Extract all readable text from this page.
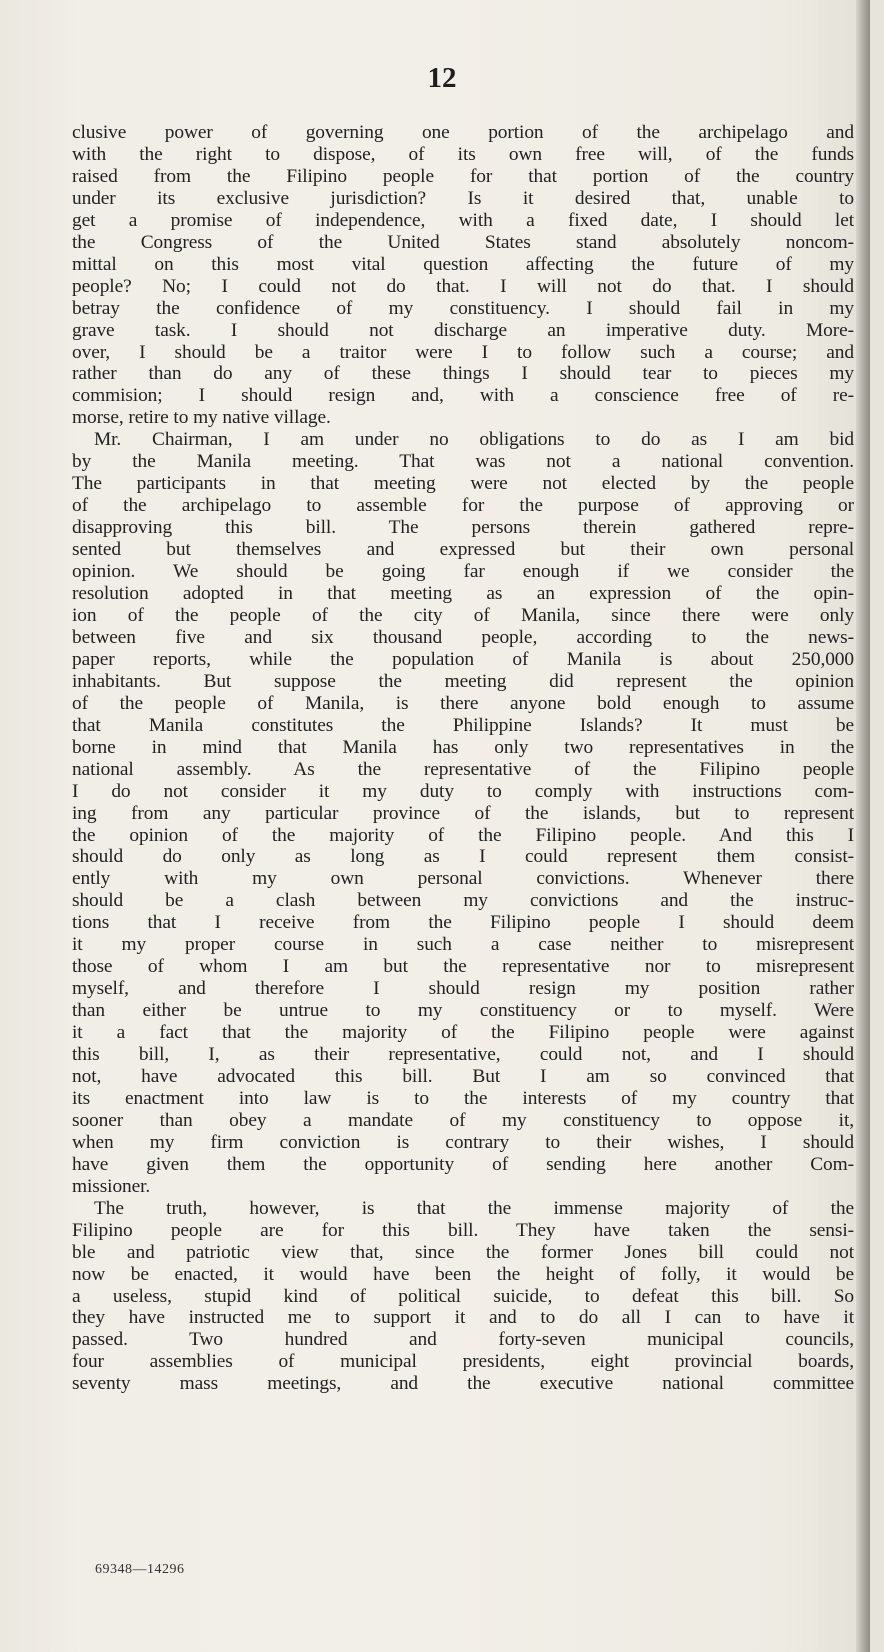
12
clusive power of governing one portion of the archipelago and
with the right to dispose, of its own free will, of the funds
raised from the Filipino people for that portion of the country
under its exclusive jurisdiction? Is it desired that, unable to
get a promise of independence, with a fixed date, I should let
the Congress of the United States stand absolutely noncom-
mittal on this most vital question affecting the future of my
people? No; I could not do that. I will not do that. I should
betray the confidence of my constituency. I should fail in my
grave task. I should not discharge an imperative duty. More-
over, I should be a traitor were I to follow such a course; and
rather than do any of these things I should tear to pieces my
commision; I should resign and, with a conscience free of re-
morse, retire to my native village.
Mr. Chairman, I am under no obligations to do as I am bid
by the Manila meeting. That was not a national convention.
The participants in that meeting were not elected by the people
of the archipelago to assemble for the purpose of approving or
disapproving this bill. The persons therein gathered repre-
sented but themselves and expressed but their own personal
opinion. We should be going far enough if we consider the
resolution adopted in that meeting as an expression of the opin-
ion of the people of the city of Manila, since there were only
between five and six thousand people, according to the news-
paper reports, while the population of Manila is about 250,000
inhabitants. But suppose the meeting did represent the opinion
of the people of Manila, is there anyone bold enough to assume
that Manila constitutes the Philippine Islands? It must be
borne in mind that Manila has only two representatives in the
national assembly. As the representative of the Filipino people
I do not consider it my duty to comply with instructions com-
ing from any particular province of the islands, but to represent
the opinion of the majority of the Filipino people. And this I
should do only as long as I could represent them consist-
ently with my own personal convictions. Whenever there
should be a clash between my convictions and the instruc-
tions that I receive from the Filipino people I should deem
it my proper course in such a case neither to misrepresent
those of whom I am but the representative nor to misrepresent
myself, and therefore I should resign my position rather
than either be untrue to my constituency or to myself. Were
it a fact that the majority of the Filipino people were against
this bill, I, as their representative, could not, and I should
not, have advocated this bill. But I am so convinced that
its enactment into law is to the interests of my country that
sooner than obey a mandate of my constituency to oppose it,
when my firm conviction is contrary to their wishes, I should
have given them the opportunity of sending here another Com-
missioner.
The truth, however, is that the immense majority of the
Filipino people are for this bill. They have taken the sensi-
ble and patriotic view that, since the former Jones bill could not
now be enacted, it would have been the height of folly, it would be
a useless, stupid kind of political suicide, to defeat this bill. So
they have instructed me to support it and to do all I can to have it
passed. Two hundred and forty-seven municipal councils,
four assemblies of municipal presidents, eight provincial boards,
seventy mass meetings, and the executive national committee
69348—14296
